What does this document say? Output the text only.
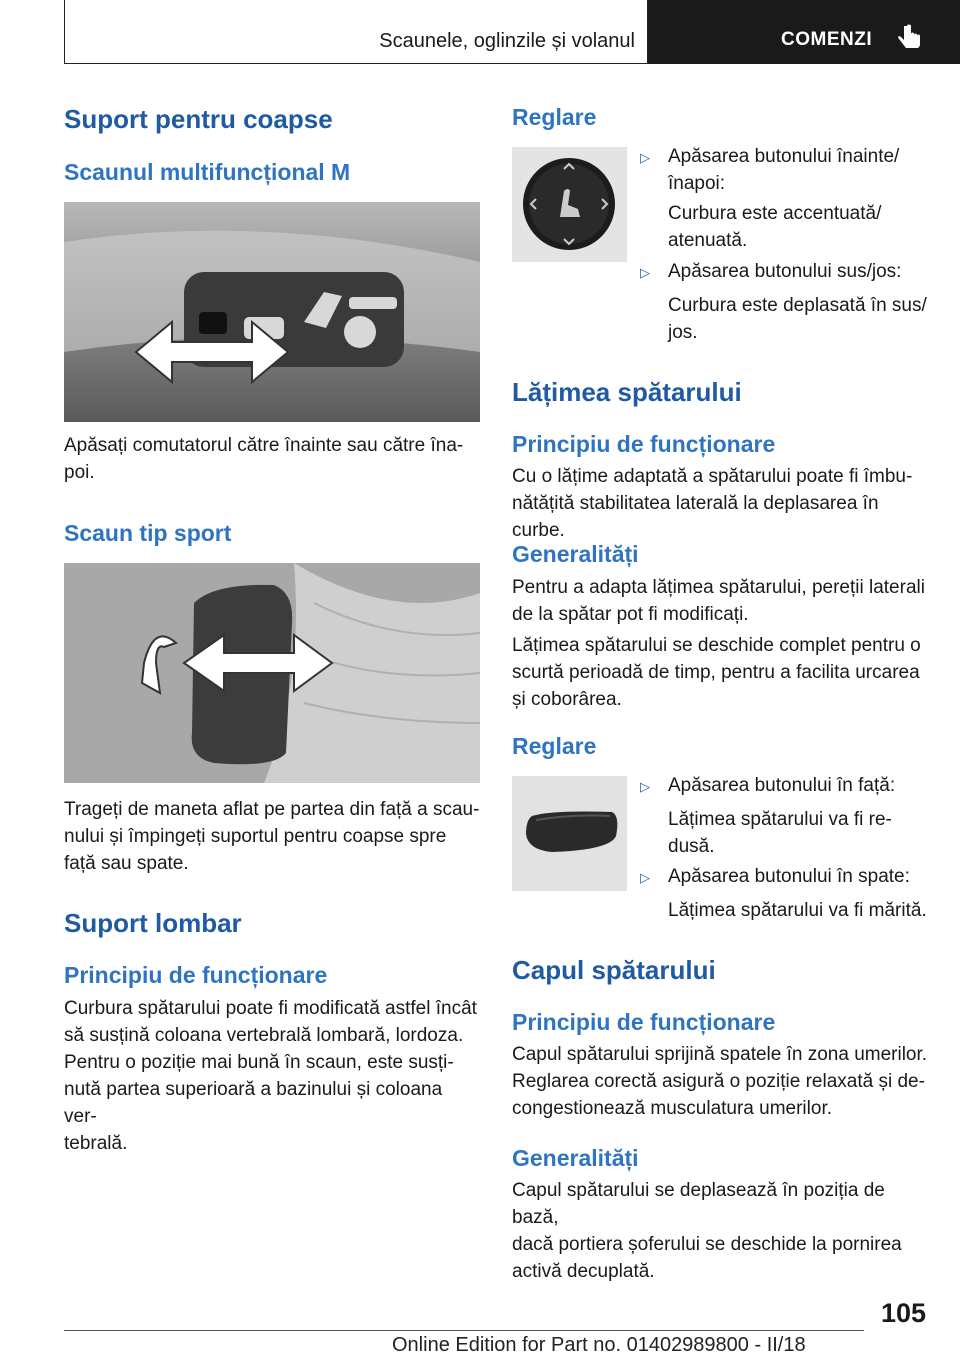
Scaunele, oglinzile și volanul	COMENZI
Suport pentru coapse
Scaunul multifuncțional M
Apăsați comutatorul către înainte sau către îna‐
poi.
Scaun tip sport
Trageți de maneta aflat pe partea din față a scau‐
nului și împingeți suportul pentru coapse spre
față sau spate.
Suport lombar
Principiu de funcționare
Curbura spătarului poate fi modificată astfel încât
să susțină coloana vertebrală lombară, lordoza.
Pentru o poziție mai bună în scaun, este susți‐
nută partea superioară a bazinului și coloana ver‐
tebrală.
Reglare
▷ Apăsarea butonului înainte/
înapoi:
Curbura este accentuată/
atenuată.
▷ Apăsarea butonului sus/jos:
Curbura este deplasată în sus/
jos.
Lățimea spătarului
Principiu de funcționare
Cu o lățime adaptată a spătarului poate fi îmbu‐
nătățită stabilitatea laterală la deplasarea în curbe.
Generalități
Pentru a adapta lățimea spătarului, pereții laterali
de la spătar pot fi modificați.
Lățimea spătarului se deschide complet pentru o
scurtă perioadă de timp, pentru a facilita urcarea
și coborârea.
Reglare
▷ Apăsarea butonului în față:
Lățimea spătarului va fi re‐
dusă.
▷ Apăsarea butonului în spate:
Lățimea spătarului va fi mărită.
Capul spătarului
Principiu de funcționare
Capul spătarului sprijină spatele în zona umerilor.
Reglarea corectă asigură o poziție relaxată și de‐
congestionează musculatura umerilor.
Generalități
Capul spătarului se deplasează în poziția de bază,
dacă portiera șoferului se deschide la pornirea
activă decuplată.
105
Online Edition for Part no. 01402989800 - II/18
